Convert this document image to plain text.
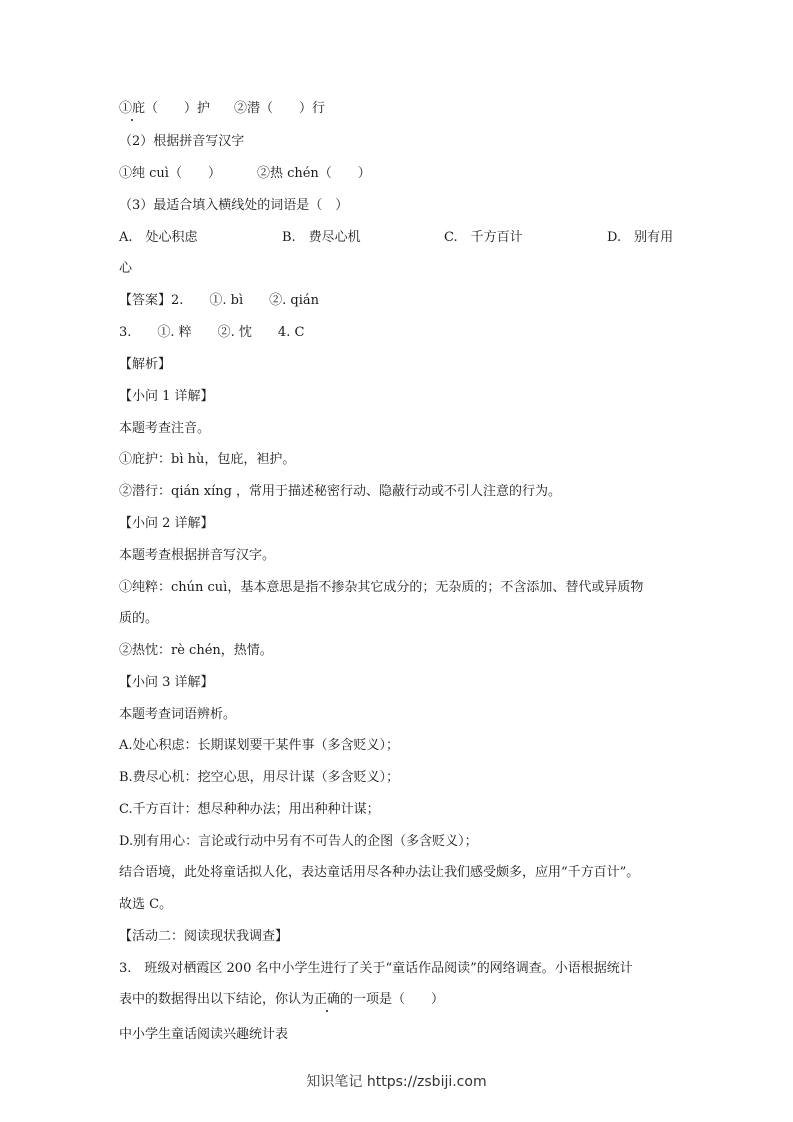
①庇（　　）护 ②潜（　　）行
（2）根据拼音写汉字
①纯 cuì（　　）	②热 chén（　　）
（3）最适合填入横线处的词语是（　）
A.　处心积虑	B.　费尽心机	C.　千方百计	D.　别有用
心
【答案】2.　　①. bì　　②. qián
3.　　①. 粹　　②. 忱　　4. C
【解析】
【小问 1 详解】
本题考查注音。
①庇护：bì hù，包庇，袒护。
②潜行：qián xíng ，常用于描述秘密行动、隐蔽行动或不引人注意的行为。
【小问 2 详解】
本题考查根据拼音写汉字。
①纯粹：chún cuì，基本意思是指不掺杂其它成分的；无杂质的；不含添加、替代或异质物
质的。
②热忱：rè chén，热情。
【小问 3 详解】
本题考查词语辨析。
A.处心积虑：长期谋划要干某件事（多含贬义）；
B.费尽心机：挖空心思，用尽计谋（多含贬义）；
C.千方百计：想尽种种办法；用出种种计谋；
D.别有用心：言论或行动中另有不可告人的企图（多含贬义）；
结合语境，此处将童话拟人化，表达童话用尽各种办法让我们感受颇多，应用“千方百计”。
故选 C。
【活动二：阅读现状我调查】
3.　班级对栖霞区 200 名中小学生进行了关于“童话作品阅读”的网络调查。小语根据统计
表中的数据得出以下结论，你认为正确的一项是（　　）
中小学生童话阅读兴趣统计表
知识笔记 https://zsbiji.com
